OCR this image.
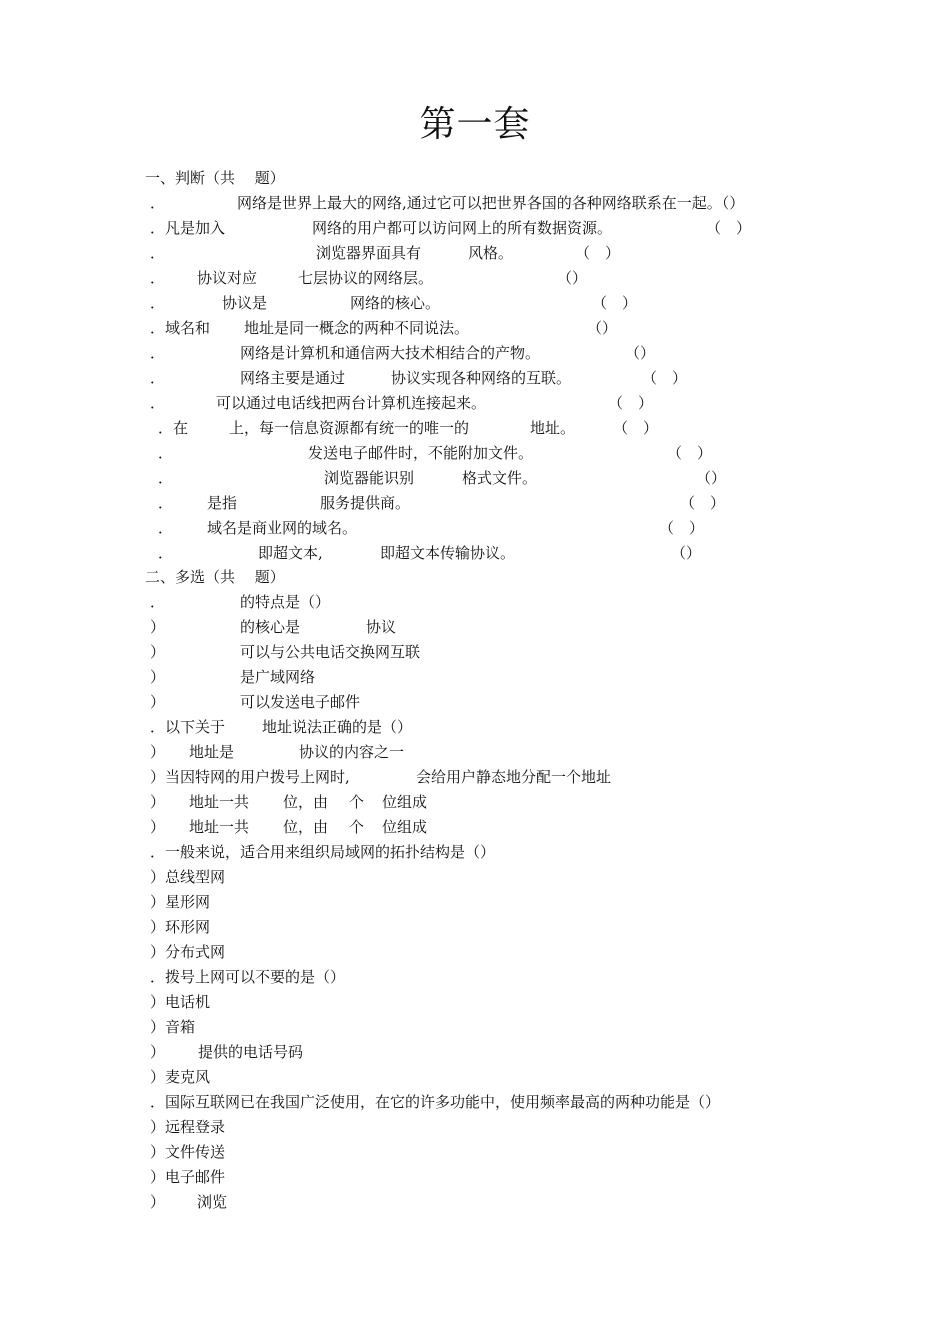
第一套
一、判断（共　 题）
．	网络是世界上最大的网络,通过它可以把世界各国的各种网络联系在一起。（）
．凡是加入	网络的用户都可以访问网上的所有数据资源。	（　）
．	浏览器界面具有	风格。	（　）
． 协议对应	七层协议的网络层。	（）
．	协议是	网络的核心。	（　）
．域名和 地址是同一概念的两种不同说法。	（）
．	网络是计算机和通信两大技术相结合的产物。	（）
．	网络主要是通过	协议实现各种网络的互联。	（　）
．	可以通过电话线把两台计算机连接起来。	（　）
．在	上，每一信息资源都有统一的唯一的	地址。	（　）
．	发送电子邮件时，不能附加文件。	（　）
．	浏览器能识别	格式文件。	（）
． 是指	服务提供商。	（　）
． 域名是商业网的域名。	（　）
．	即超文本,	即超文本传输协议。	（）
二、多选（共　 题）
．	的特点是（）
）	的核心是	协议
）	可以与公共电话交换网互联
）	是广域网络
）	可以发送电子邮件
．以下关于 地址说法正确的是（）
） 地址是	协议的内容之一
）当因特网的用户拨号上网时,	会给用户静态地分配一个地址
） 地址一共 位，由 个 位组成
） 地址一共 位，由 个 位组成
．一般来说，适合用来组织局域网的拓扑结构是（）
）总线型网
）星形网
）环形网
）分布式网
．拨号上网可以不要的是（）
）电话机
）音箱
） 提供的电话号码
）麦克风
．国际互联网已在我国广泛使用，在它的许多功能中，使用频率最高的两种功能是（）
）远程登录
）文件传送
）电子邮件
） 浏览
